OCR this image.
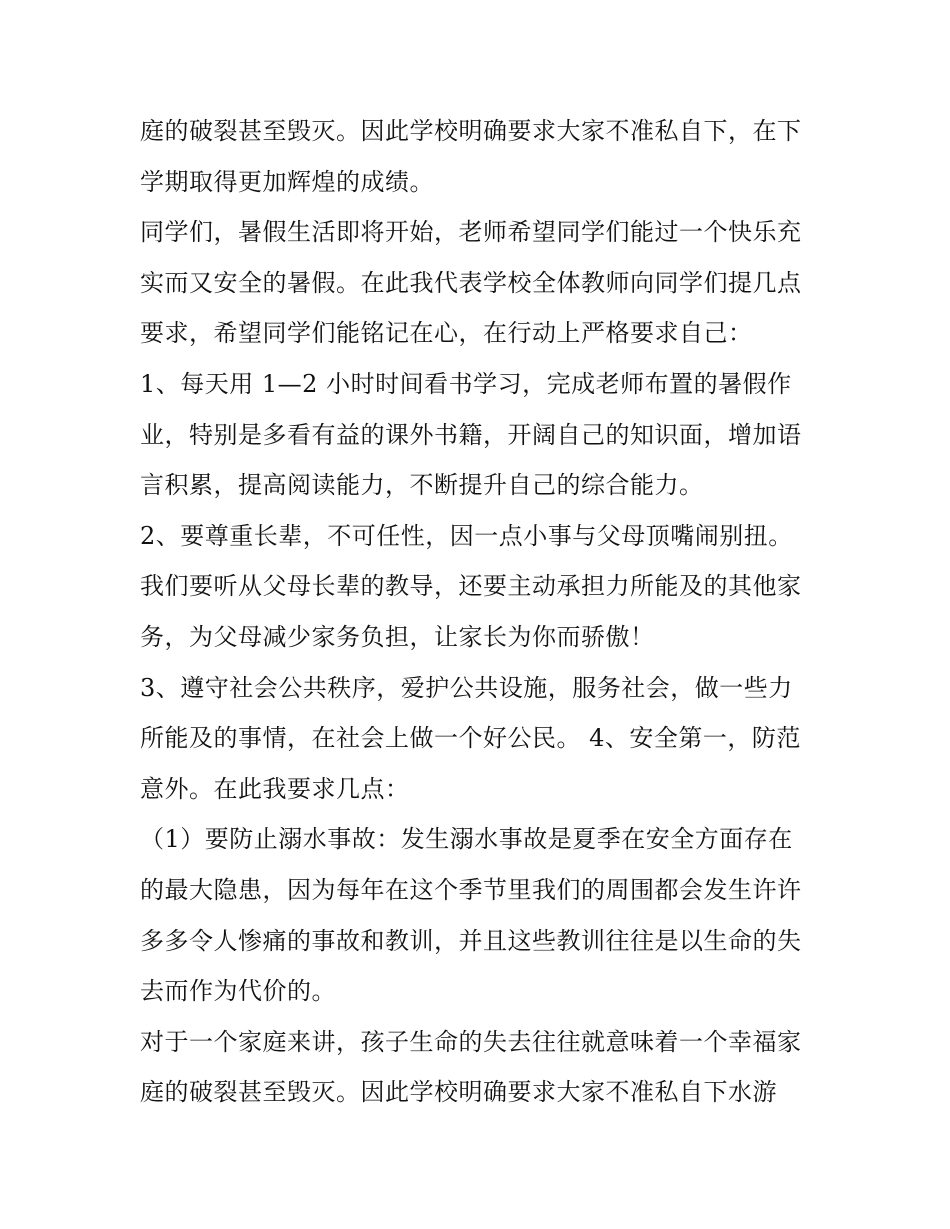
庭的破裂甚至毁灭。因此学校明确要求大家不准私自下，在下
学期取得更加辉煌的成绩。
同学们，暑假生活即将开始，老师希望同学们能过一个快乐充
实而又安全的暑假。在此我代表学校全体教师向同学们提几点
要求，希望同学们能铭记在心，在行动上严格要求自己：
1、每天用 1—2 小时时间看书学习，完成老师布置的暑假作
业，特别是多看有益的课外书籍，开阔自己的知识面，增加语
言积累，提高阅读能力，不断提升自己的综合能力。
2、要尊重长辈，不可任性，因一点小事与父母顶嘴闹别扭。
我们要听从父母长辈的教导，还要主动承担力所能及的其他家
务，为父母减少家务负担，让家长为你而骄傲！
3、遵守社会公共秩序，爱护公共设施，服务社会，做一些力
所能及的事情，在社会上做一个好公民。 4、安全第一，防范
意外。在此我要求几点：
（1）要防止溺水事故：发生溺水事故是夏季在安全方面存在
的最大隐患，因为每年在这个季节里我们的周围都会发生许许
多多令人惨痛的事故和教训，并且这些教训往往是以生命的失
去而作为代价的。
对于一个家庭来讲，孩子生命的失去往往就意味着一个幸福家
庭的破裂甚至毁灭。因此学校明确要求大家不准私自下水游
